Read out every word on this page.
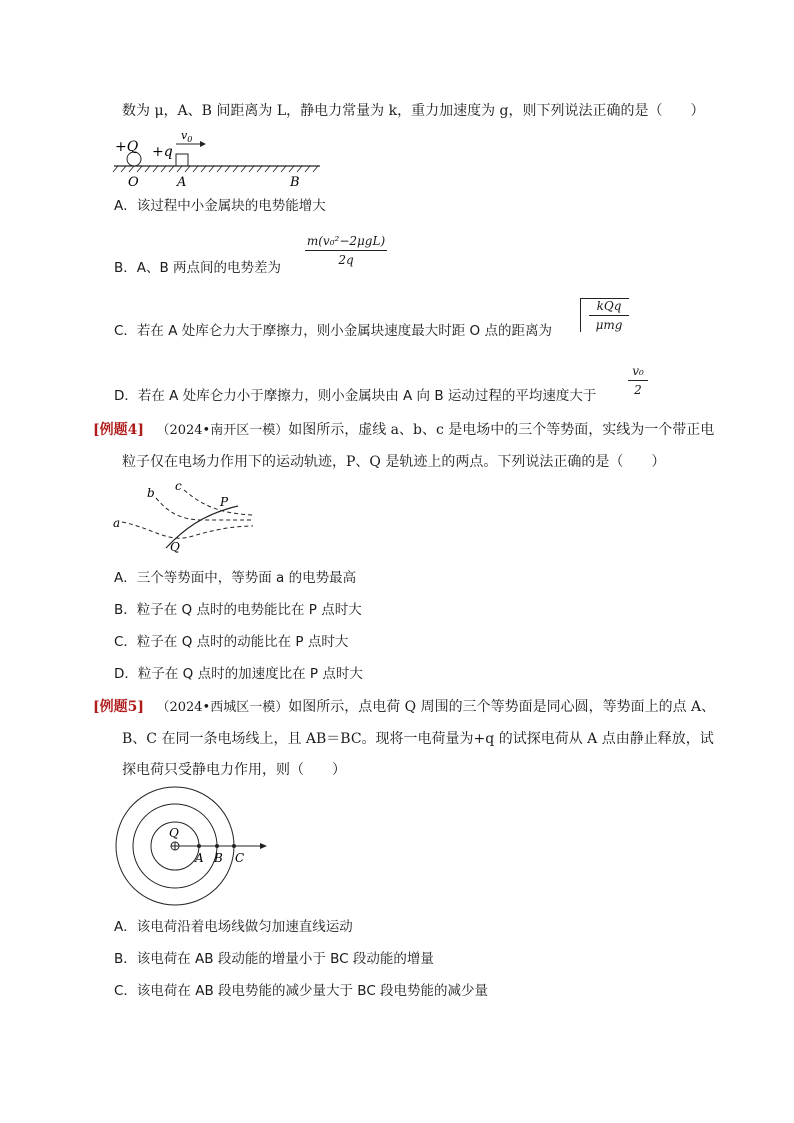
数为 μ，A、B 间距离为 L，静电力常量为 k，重力加速度为 g，则下列说法正确的是（　　）
+Q +q
$v_0$
O	A	B
A．该过程中小金属块的电势能增大
B．A、B 两点间的电势差为
m(v₀²−2μgL)
2q
C．若在 A 处库仑力大于摩擦力，则小金属块速度最大时距 O 点的距离为
kQq
μmg
D．若在 A 处库仑力小于摩擦力，则小金属块由 A 向 B 运动过程的平均速度大于
v₀
2
[例题4] （2024•南开区一模）如图所示，虚线 a、b、c 是电场中的三个等势面，实线为一个带正电
粒子仅在电场力作用下的运动轨迹，P、Q 是轨迹上的两点。下列说法正确的是（　　）
a
b c
P
Q
A．三个等势面中，等势面 a 的电势最高
B．粒子在 Q 点时的电势能比在 P 点时大
C．粒子在 Q 点时的动能比在 P 点时大
D．粒子在 Q 点时的加速度比在 P 点时大
[例题5] （2024•西城区一模）如图所示，点电荷 Q 周围的三个等势面是同心圆，等势面上的点 A、
B、C 在同一条电场线上，且 AB＝BC。现将一电荷量为+q 的试探电荷从 A 点由静止释放，试
探电荷只受静电力作用，则（　　）
Q
A B C
A．该电荷沿着电场线做匀加速直线运动
B．该电荷在 AB 段动能的增量小于 BC 段动能的增量
C．该电荷在 AB 段电势能的减少量大于 BC 段电势能的减少量
